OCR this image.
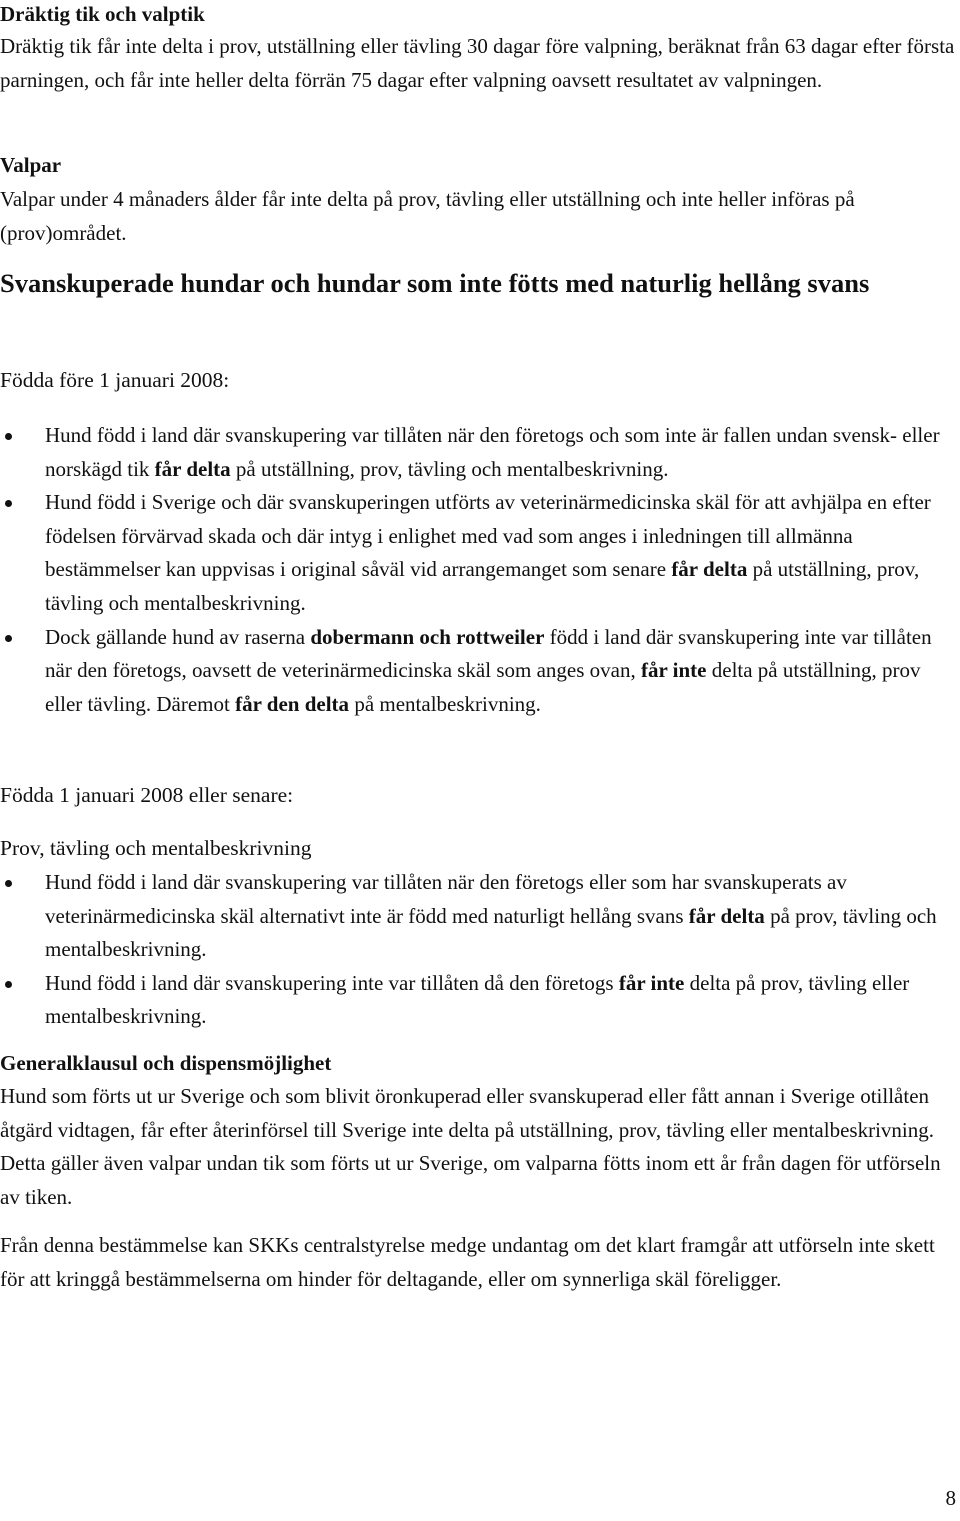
Dräktig tik och valptik

Dräktig tik får inte delta i prov, utställning eller tävling 30 dagar före valpning, beräknat från 63 dagar efter första parningen, och får inte heller delta förrän 75 dagar efter valpning oavsett resultatet av valpningen.

Valpar

Valpar under 4 månaders ålder får inte delta på prov, tävling eller utställning och inte heller införas på (prov)området.

Svanskuperade hundar och hundar som inte fötts med naturlig hellång svans
Födda före 1 januari 2008:
Hund född i land där svanskupering var tillåten när den företogs och som inte är fallen undan svensk- eller norskägd tik får delta på utställning, prov, tävling och mentalbeskrivning.
Hund född i Sverige och där svanskuperingen utförts av veterinärmedicinska skäl för att avhjälpa en efter födelsen förvärvad skada och där intyg i enlighet med vad som anges i inledningen till allmänna bestämmelser kan uppvisas i original såväl vid arrangemanget som senare får delta på utställning, prov, tävling och mentalbeskrivning.
Dock gällande hund av raserna dobermann och rottweiler född i land där svanskupering inte var tillåten när den företogs, oavsett de veterinärmedicinska skäl som anges ovan, får inte delta på utställning, prov eller tävling. Däremot får den delta på mentalbeskrivning.
Födda 1 januari 2008 eller senare:
Prov, tävling och mentalbeskrivning
Hund född i land där svanskupering var tillåten när den företogs eller som har svanskuperats av veterinärmedicinska skäl alternativt inte är född med naturligt hellång svans får delta på prov, tävling och mentalbeskrivning.
Hund född i land där svanskupering inte var tillåten då den företogs får inte delta på prov, tävling eller mentalbeskrivning.
Generalklausul och dispensmöjlighet

Hund som förts ut ur Sverige och som blivit öronkuperad eller svanskuperad eller fått annan i Sverige otillåten åtgärd vidtagen, får efter återinförsel till Sverige inte delta på utställning, prov, tävling eller mentalbeskrivning. Detta gäller även valpar undan tik som förts ut ur Sverige, om valparna fötts inom ett år från dagen för utförseln av tiken.

Från denna bestämmelse kan SKKs centralstyrelse medge undantag om det klart framgår att utförseln inte skett för att kringgå bestämmelserna om hinder för deltagande, eller om synnerliga skäl föreligger.

8
